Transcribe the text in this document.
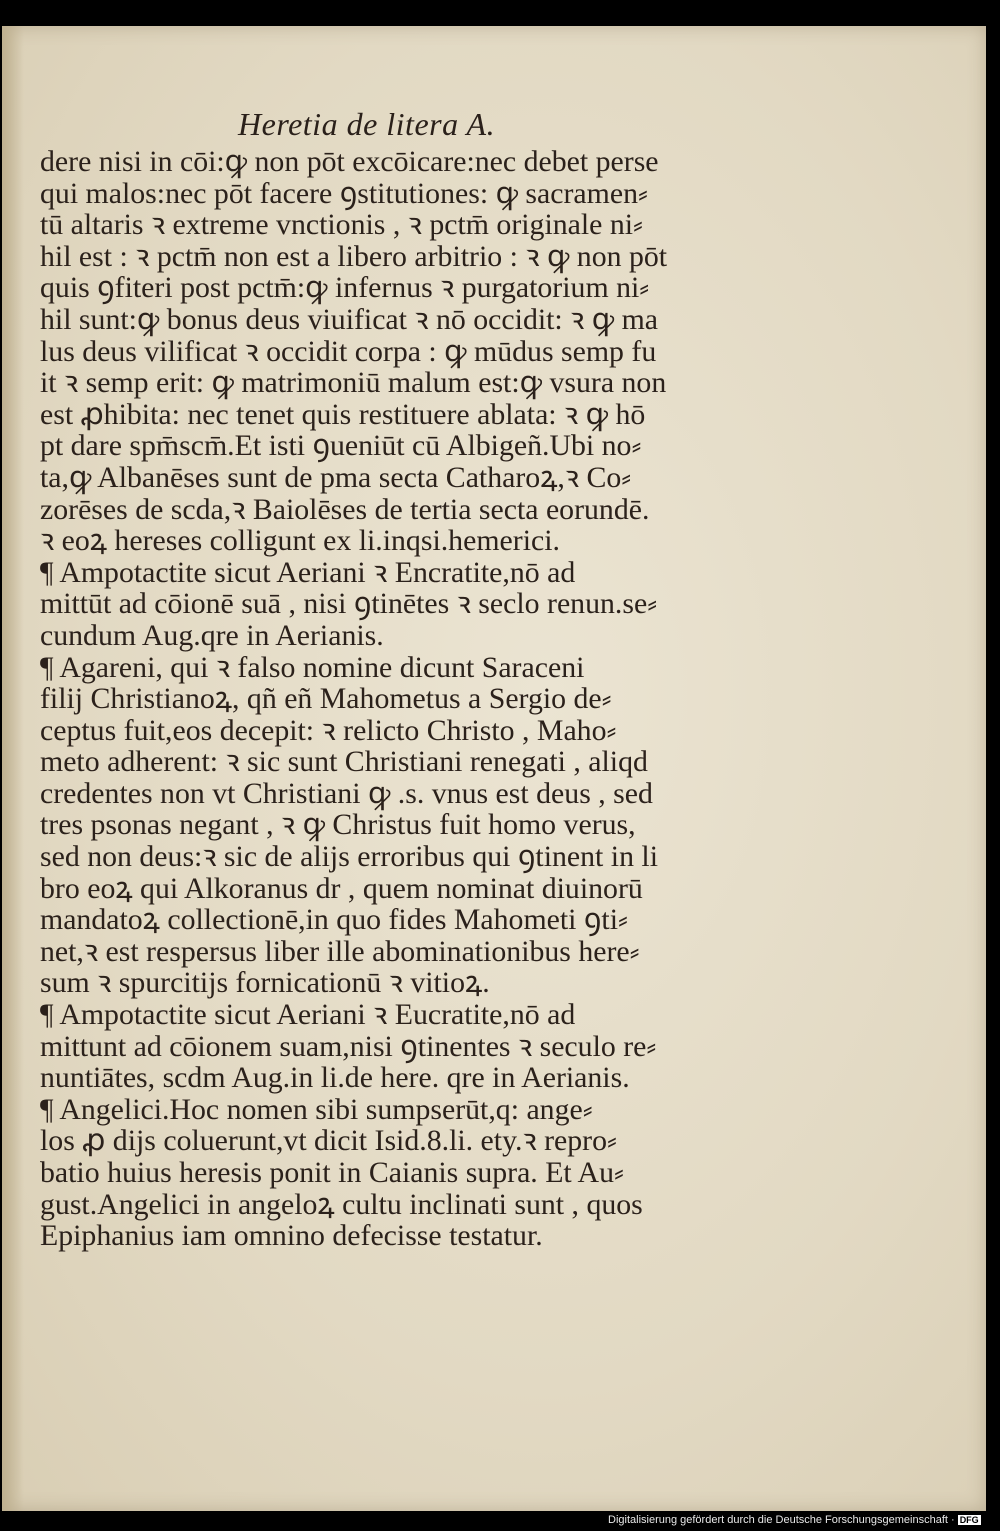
Heretia de litera A.
dere nisi in cōi:ꝙ non pōt excōicare:nec debet perse
qui malos:nec pōt facere ꝯstitutiones: ꝙ sacramen⸗
tū altaris ꝛ extreme vnctionis , ꝛ pctm̄ originale ni⸗
hil est : ꝛ pctm̄ non est a libero arbitrio : ꝛ ꝙ non pōt
quis ꝯfiteri post pctm̄:ꝙ infernus ꝛ purgatorium ni⸗
hil sunt:ꝙ bonus deus viuificat ꝛ nō occidit: ꝛ ꝙ ma
lus deus vilificat ꝛ occidit corpa : ꝙ mūdus semp fu
it ꝛ semp erit: ꝙ matrimoniū malum est:ꝙ vsura non
est ꝓhibita: nec tenet quis restituere ablata: ꝛ ꝙ hō
pt dare spm̄scm̄.Et isti ꝯueniūt cū Albigeñ.Ubi no⸗
ta,ꝙ Albanēses sunt de pma secta Catharoꝝ,ꝛ Co⸗
zorēses de scda,ꝛ Baiolēses de tertia secta eorundē.
ꝛ eoꝝ hereses colligunt ex li.inqsi.hemerici.
¶ Ampotactite sicut Aeriani ꝛ Encratite,nō ad
mittūt ad cōionē suā , nisi ꝯtinētes ꝛ seclo renun.se⸗
cundum Aug.qre in Aerianis.
¶ Agareni, qui ꝛ falso nomine dicunt Saraceni
filij Christianoꝝ, qñ eñ Mahometus a Sergio de⸗
ceptus fuit,eos decepit: ꝛ relicto Christo , Maho⸗
meto adherent: ꝛ sic sunt Christiani renegati , aliqd
credentes non vt Christiani ꝙ .s. vnus est deus , sed
tres psonas negant , ꝛ ꝙ Christus fuit homo verus,
sed non deus:ꝛ sic de alijs erroribus qui ꝯtinent in li
bro eoꝝ qui Alkoranus dr , quem nominat diuinorū
mandatoꝝ collectionē,in quo fides Mahometi ꝯti⸗
net,ꝛ est respersus liber ille abominationibus here⸗
sum ꝛ spurcitijs fornicationū ꝛ vitioꝝ.
¶ Ampotactite sicut Aeriani ꝛ Eucratite,nō ad
mittunt ad cōionem suam,nisi ꝯtinentes ꝛ seculo re⸗
nuntiātes, scdm Aug.in li.de here. qre in Aerianis.
¶ Angelici.Hoc nomen sibi sumpserūt,q: ange⸗
los ꝓ dijs coluerunt,vt dicit Isid.8.li. ety.ꝛ repro⸗
batio huius heresis ponit in Caianis supra. Et Au⸗
gust.Angelici in angeloꝝ cultu inclinati sunt , quos
Epiphanius iam omnino defecisse testatur.
Digitalisierung gefördert durch die Deutsche Forschungsgemeinschaft · DFG
